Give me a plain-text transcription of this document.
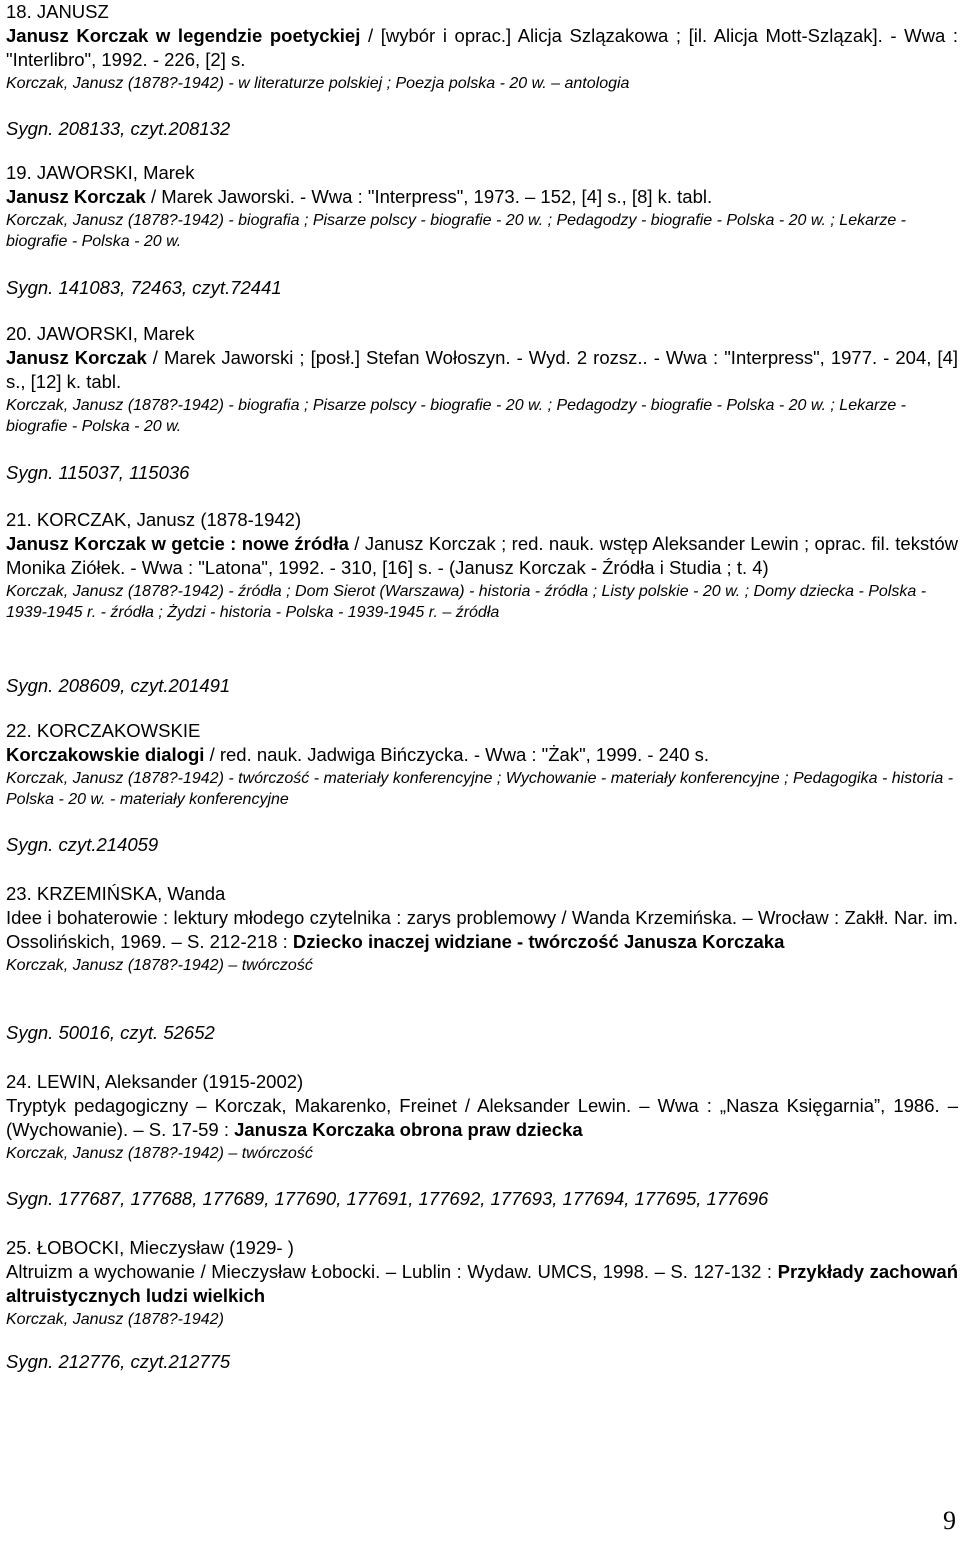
18. JANUSZ
Janusz Korczak w legendzie poetyckiej / [wybór i oprac.] Alicja Szlązakowa ; [il. Alicja Mott-Szlązak]. - Wwa : "Interlibro", 1992. - 226, [2] s.
Korczak, Janusz (1878?-1942) - w literaturze polskiej ; Poezja polska - 20 w. – antologia
Sygn. 208133, czyt.208132
19. JAWORSKI, Marek
Janusz Korczak / Marek Jaworski. - Wwa : "Interpress", 1973. – 152, [4] s., [8] k. tabl.
Korczak, Janusz (1878?-1942) - biografia ; Pisarze polscy - biografie - 20 w. ; Pedagodzy - biografie - Polska - 20 w. ; Lekarze - biografie - Polska - 20 w.
Sygn. 141083, 72463, czyt.72441
20. JAWORSKI, Marek
Janusz Korczak / Marek Jaworski ; [posł.] Stefan Wołoszyn. - Wyd. 2 rozsz.. - Wwa : "Interpress", 1977. - 204, [4] s., [12] k. tabl.
Korczak, Janusz (1878?-1942) - biografia ; Pisarze polscy - biografie - 20 w. ; Pedagodzy - biografie - Polska - 20 w. ; Lekarze - biografie - Polska - 20 w.
Sygn. 115037, 115036
21. KORCZAK, Janusz (1878-1942)
Janusz Korczak w getcie : nowe źródła / Janusz Korczak ; red. nauk. wstęp Aleksander Lewin ; oprac. fil. tekstów Monika Ziółek. - Wwa : "Latona", 1992. - 310, [16] s. - (Janusz Korczak - Źródła i Studia ; t. 4)
Korczak, Janusz (1878?-1942) - źródła ; Dom Sierot (Warszawa) - historia - źródła ; Listy polskie - 20 w. ; Domy dziecka - Polska - 1939-1945 r. - źródła ; Żydzi - historia - Polska - 1939-1945 r. – źródła
Sygn. 208609, czyt.201491
22. KORCZAKOWSKIE
Korczakowskie dialogi / red. nauk. Jadwiga Bińczycka. - Wwa : "Żak", 1999. - 240 s.
Korczak, Janusz (1878?-1942) - twórczość - materiały konferencyjne ; Wychowanie - materiały konferencyjne ; Pedagogika - historia - Polska - 20 w. - materiały konferencyjne
Sygn. czyt.214059
23. KRZEMIŃSKA, Wanda
Idee i bohaterowie : lektury młodego czytelnika : zarys problemowy / Wanda Krzemińska. – Wrocław : Zakłł. Nar. im. Ossolińskich, 1969. – S. 212-218 : Dziecko inaczej widziane - twórczość Janusza Korczaka
Korczak, Janusz (1878?-1942) – twórczość
Sygn. 50016, czyt. 52652
24. LEWIN, Aleksander (1915-2002)
Tryptyk pedagogiczny – Korczak, Makarenko, Freinet / Aleksander Lewin. – Wwa : „Nasza Księgarnia”, 1986. – (Wychowanie). – S. 17-59 : Janusza Korczaka obrona praw dziecka
Korczak, Janusz (1878?-1942) – twórczość
Sygn. 177687, 177688, 177689, 177690, 177691, 177692, 177693, 177694, 177695, 177696
25. ŁOBOCKI, Mieczysław (1929- )
Altruizm a wychowanie / Mieczysław Łobocki. – Lublin : Wydaw. UMCS, 1998. – S. 127-132 : Przykłady zachowań altruistycznych ludzi wielkich
Korczak, Janusz (1878?-1942)
Sygn. 212776, czyt.212775
9
